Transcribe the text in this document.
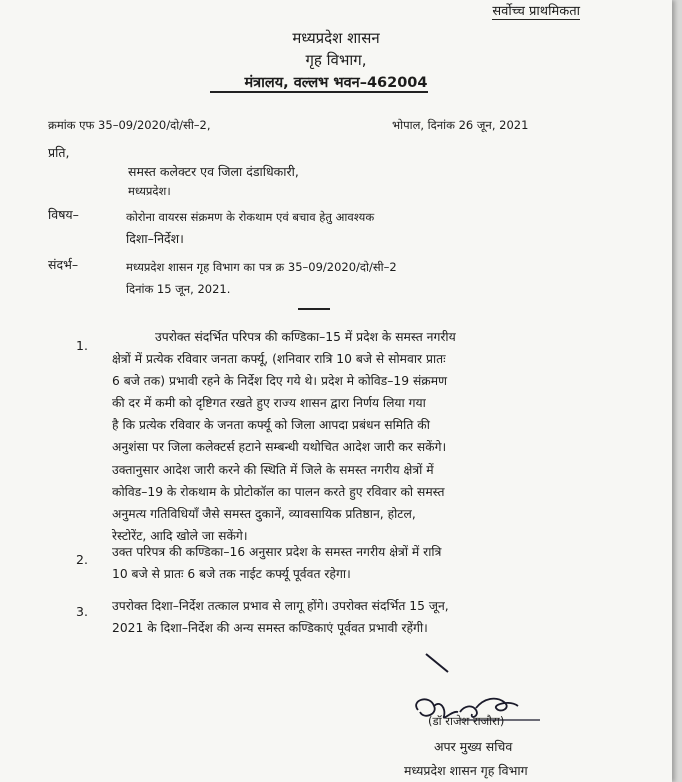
सर्वोच्च प्राथमिकता
मध्यप्रदेश शासन
गृह विभाग,
मंत्रालय, वल्लभ भवन–462004
क्रमांक एफ 35–09/2020/दो/सी–2,	भोपाल, दिनांक 26 जून, 2021
प्रति,
समस्त कलेक्टर एव जिला दंडाधिकारी,
मध्यप्रदेश।
विषय–	कोरोना वायरस संक्रमण के रोकथाम एवं बचाव हेतु आवश्यक
दिशा–निर्देश।
संदर्भ–	मध्यप्रदेश शासन गृह विभाग का पत्र क्र 35–09/2020/दो/सी–2
दिनांक 15 जून, 2021.
1.
उपरोक्त संदर्भित परिपत्र की कण्डिका–15 में प्रदेश के समस्त नगरीय
क्षेत्रों में प्रत्येक रविवार जनता कर्फ्यू, (शनिवार रात्रि 10 बजे से सोमवार प्रातः
6 बजे तक) प्रभावी रहने के निर्देश दिए गये थे। प्रदेश मे कोविड–19 संक्रमण
की दर में कमी को दृष्टिगत रखते हुए राज्य शासन द्वारा निर्णय लिया गया
है कि प्रत्येक रविवार के जनता कर्फ्यू को जिला आपदा प्रबंधन समिति की
अनुशंसा पर जिला कलेक्टर्स हटाने सम्बन्धी यथोचित आदेश जारी कर सकेंगे।
उक्तानुसार आदेश जारी करने की स्थिति में जिले के समस्त नगरीय क्षेत्रों में
कोविड–19 के रोकथाम के प्रोटोकॉल का पालन करते हुए रविवार को समस्त
अनुमत्य गतिविधियाँ जैसे समस्त दुकानें, व्यावसायिक प्रतिष्ठान, होटल,
रेस्टोरेंट, आदि खोले जा सकेंगे।
2. उक्त परिपत्र की कण्डिका–16 अनुसार प्रदेश के समस्त नगरीय क्षेत्रों में रात्रि
10 बजे से प्रातः 6 बजे तक नाईट कर्फ्यू पूर्ववत रहेगा।
3. उपरोक्त दिशा–निर्देश तत्काल प्रभाव से लागू होंगे। उपरोक्त संदर्भित 15 जून,
2021 के दिशा–निर्देश की अन्य समस्त कण्डिकाएं पूर्ववत प्रभावी रहेंगी।
(डॉ राजेश राजौरा)
अपर मुख्य सचिव
मध्यप्रदेश शासन गृह विभाग
